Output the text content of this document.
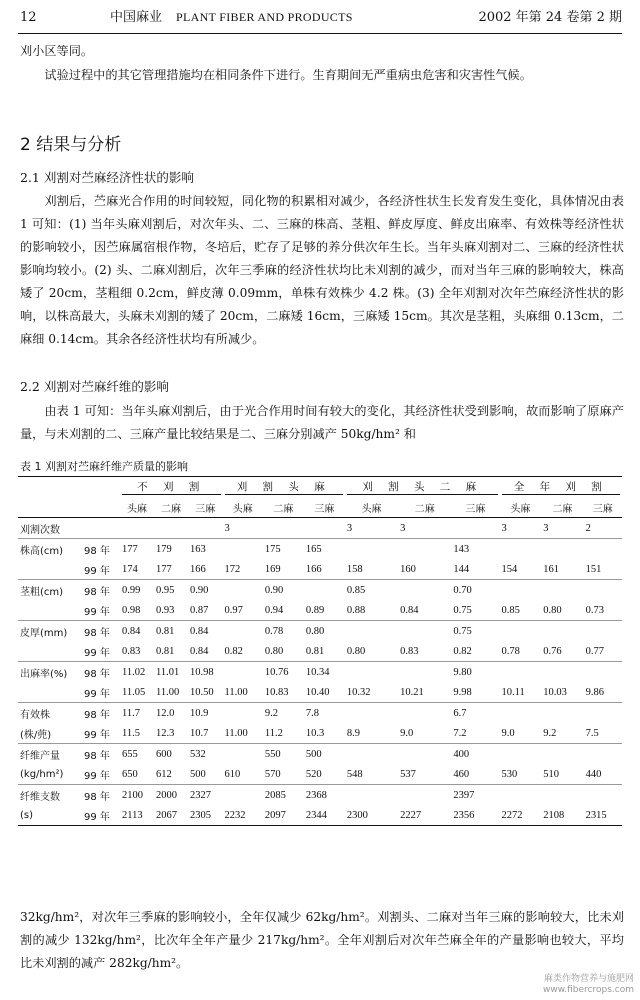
12	中国麻业 PLANT FIBER AND PRODUCTS	2002 年第 24 卷第 2 期

刈小区等同。

试验过程中的其它管理措施均在相同条件下进行。生育期间无严重病虫危害和灾害性气候。

2 结果与分析
2.1 刈割对苎麻经济性状的影响

刈割后，苎麻光合作用的时间较短，同化物的积累相对减少，各经济性状生长发育发生变化，具体情况由表 1 可知：(1) 当年头麻刈割后，对次年头、二、三麻的株高、茎粗、鲜皮厚度、鲜皮出麻率、有效株等经济性状的影响较小，因苎麻属宿根作物，冬培后，贮存了足够的养分供次年生长。当年头麻刈割对二、三麻的经济性状影响均较小。(2) 头、二麻刈割后，次年三季麻的经济性状均比未刈割的减少，而对当年三麻的影响较大，株高矮了 20cm，茎粗细 0.2cm，鲜皮薄 0.09mm，单株有效株少 4.2 株。(3) 全年刈割对次年苎麻经济性状的影响，以株高最大，头麻未刈割的矮了 20cm，二麻矮 16cm，三麻矮 15cm。其次是茎粗，头麻细 0.13cm，二麻细 0.14cm。其余各经济性状均有所减少。

2.2 刈割对苎麻纤维的影响

由表 1 可知：当年头麻刈割后，由于光合作用时间有较大的变化，其经济性状受到影响，故而影响了原麻产量，与未刈割的二、三麻产量比较结果是二、三麻分别减产 50kg/hm² 和

表 1 刈割对苎麻纤维产质量的影响

		不 刈 割			刈 割 头 麻			刈 割 头 二 麻			全 年 刈 割		

		头麻	二麻	三麻	头麻	二麻	三麻	头麻	二麻	三麻	头麻	二麻	三麻
刈割次数					3			3	3		3	3	2
株高(cm)	98 年	177	179	163		175	165			143			
	99 年	174	177	166	172	169	166	158	160	144	154	161	151
茎粗(cm)	98 年	0.99	0.95	0.90		0.90		0.85		0.70			
	99 年	0.98	0.93	0.87	0.97	0.94	0.89	0.88	0.84	0.75	0.85	0.80	0.73
皮厚(mm)	98 年	0.84	0.81	0.84		0.78	0.80			0.75			
	99 年	0.83	0.81	0.84	0.82	0.80	0.81	0.80	0.83	0.82	0.78	0.76	0.77
出麻率(%)	98 年	11.02	11.01	10.98		10.76	10.34			9.80			
	99 年	11.05	11.00	10.50	11.00	10.83	10.40	10.32	10.21	9.98	10.11	10.03	9.86
有效株	98 年	11.7	12.0	10.9		9.2	7.8			6.7			
(株/蔸)	99 年	11.5	12.3	10.7	11.00	11.2	10.3	8.9	9.0	7.2	9.0	9.2	7.5
纤维产量	98 年	655	600	532		550	500			400			
(kg/hm²)	99 年	650	612	500	610	570	520	548	537	460	530	510	440
纤维支数	98 年	2100	2000	2327		2085	2368			2397			
(s)	99 年	2113	2067	2305	2232	2097	2344	2300	2227	2356	2272	2108	2315

32kg/hm²，对次年三季麻的影响较小，全年仅减少 62kg/hm²。刈割头、二麻对当年三麻的影响较大，比未刈割的减少 132kg/hm²，比次年全年产量少 217kg/hm²。全年刈割后对次年苎麻全年的产量影响也较大，平均比未刈割的减产 282kg/hm²。

麻类作物营养与施肥网
www.fibercrops.com
